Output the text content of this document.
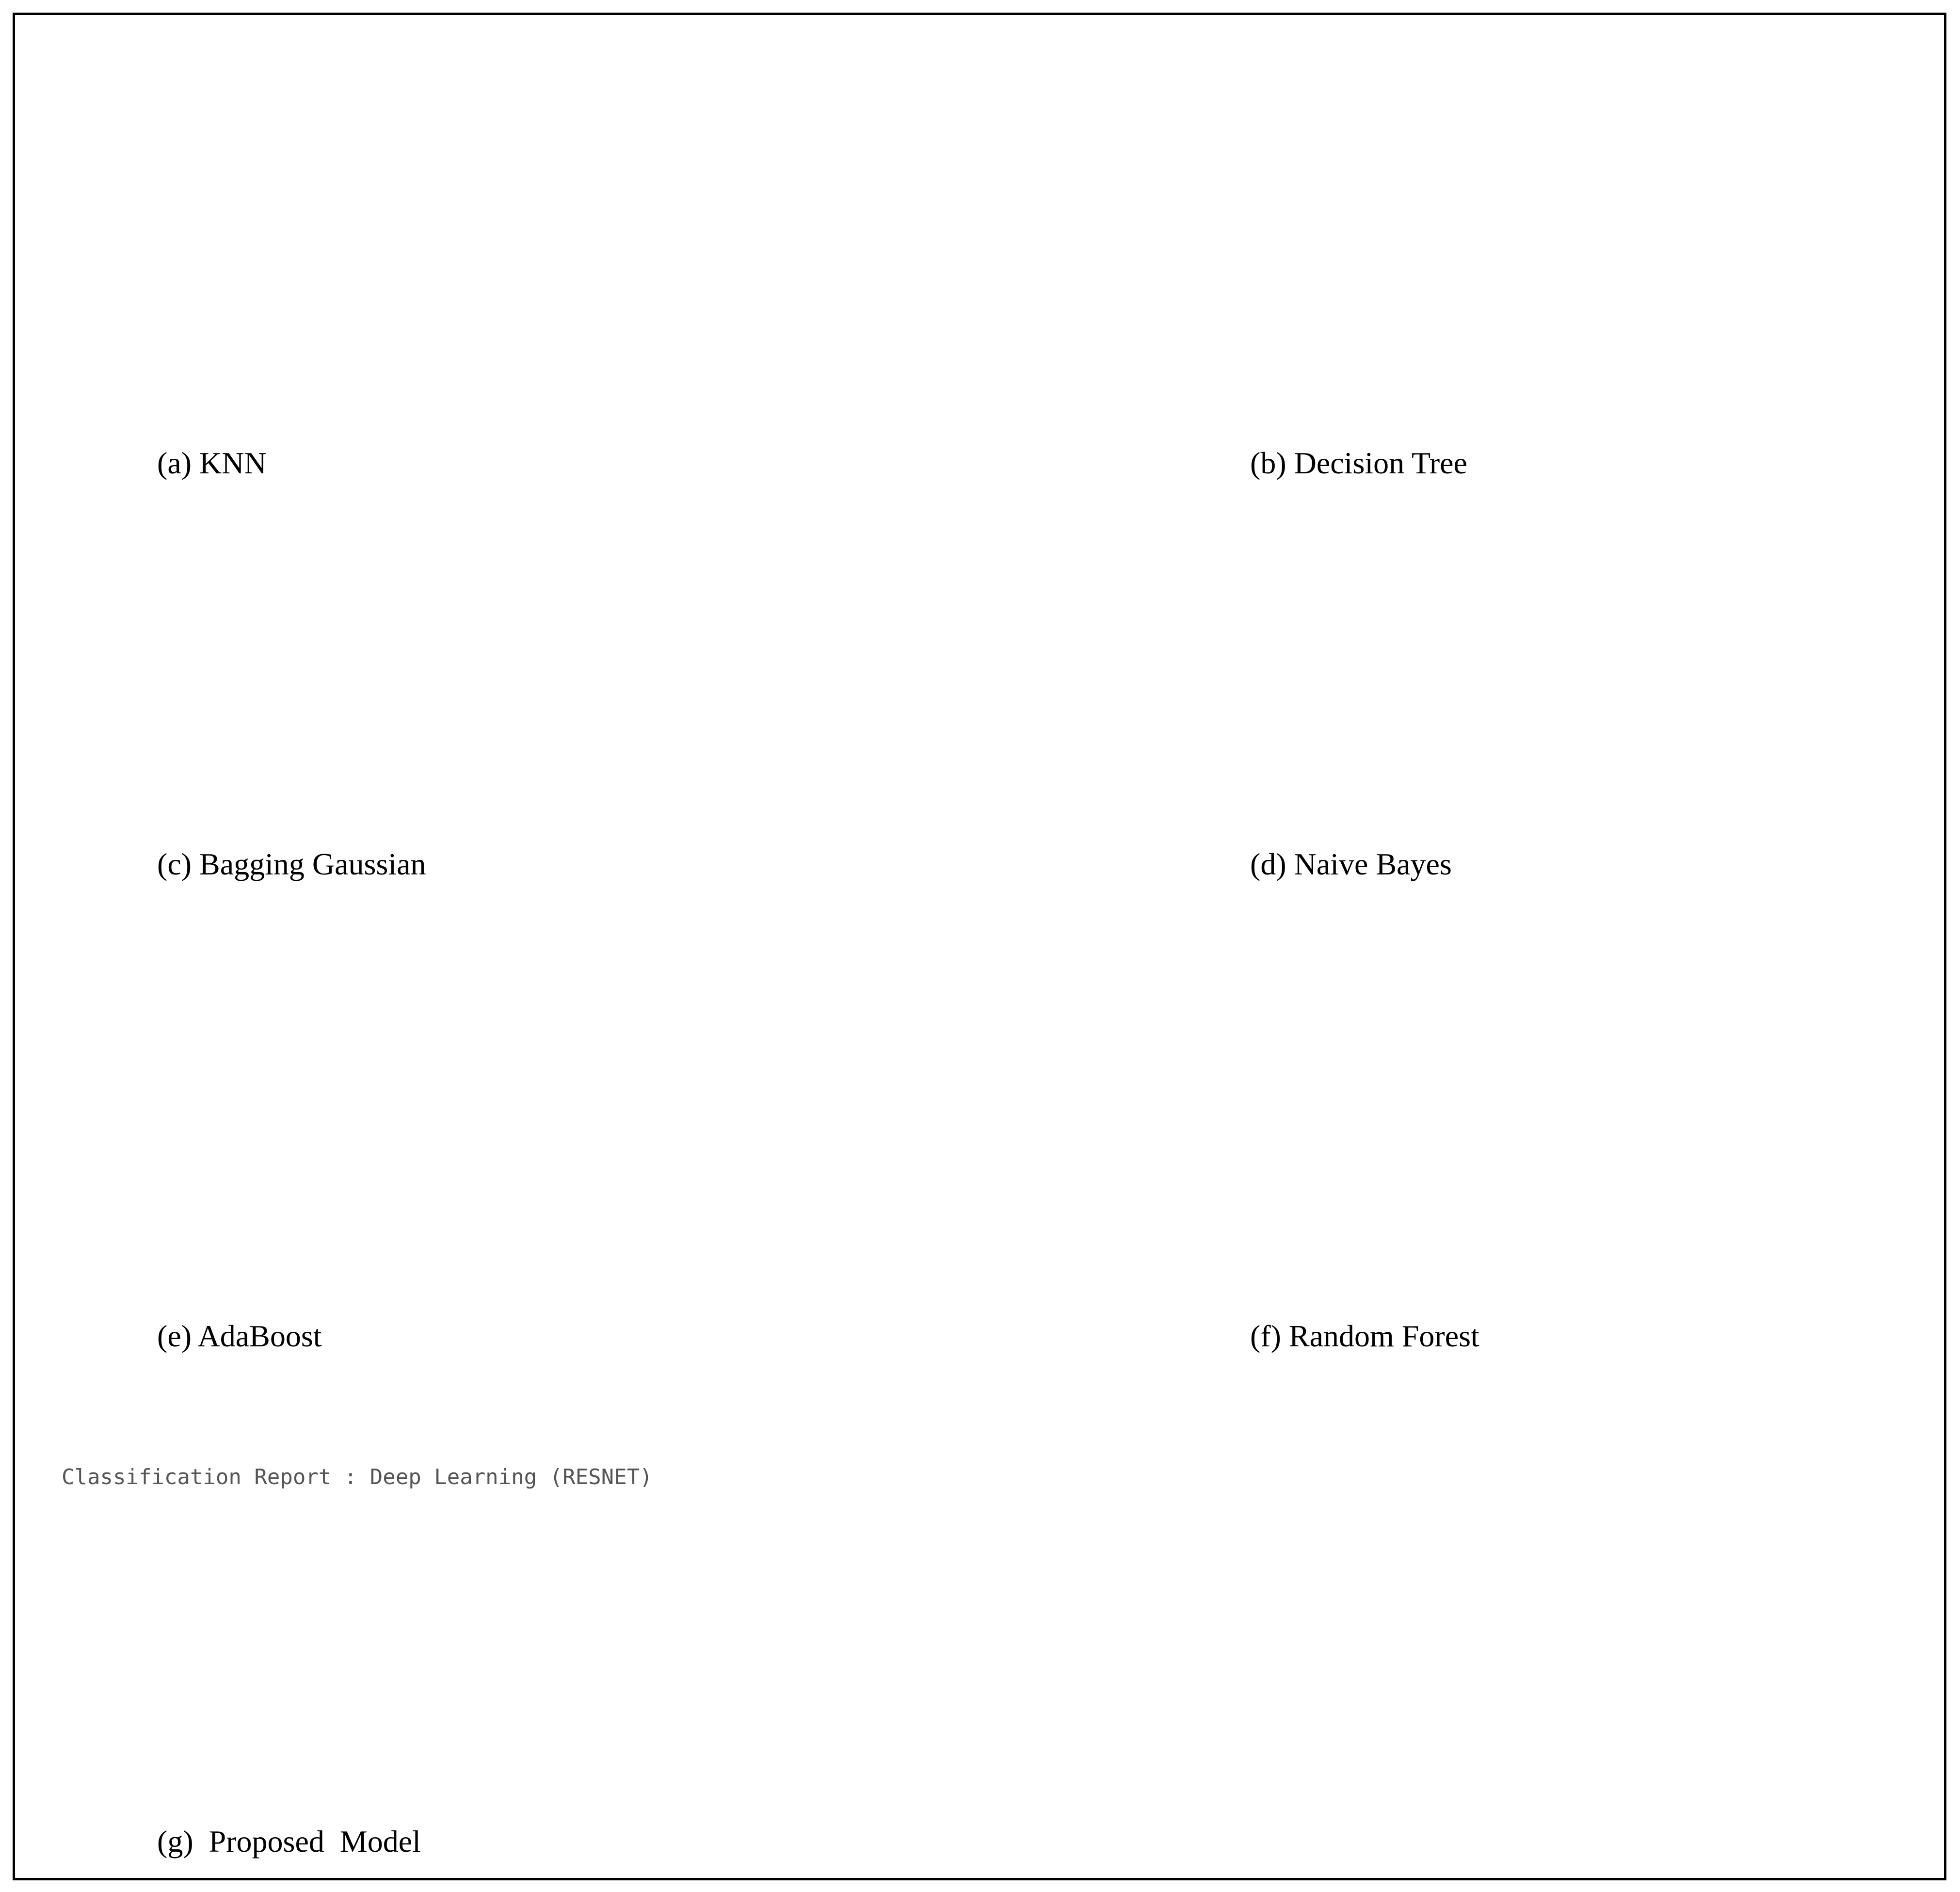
(a) KNN	(b) Decision Tree
(c) Bagging Gaussian	(d) Naive Bayes
(e) AdaBoost	(f) Random Forest
Classification Report : Deep Learning (RESNET)
(g)  Proposed  Model
